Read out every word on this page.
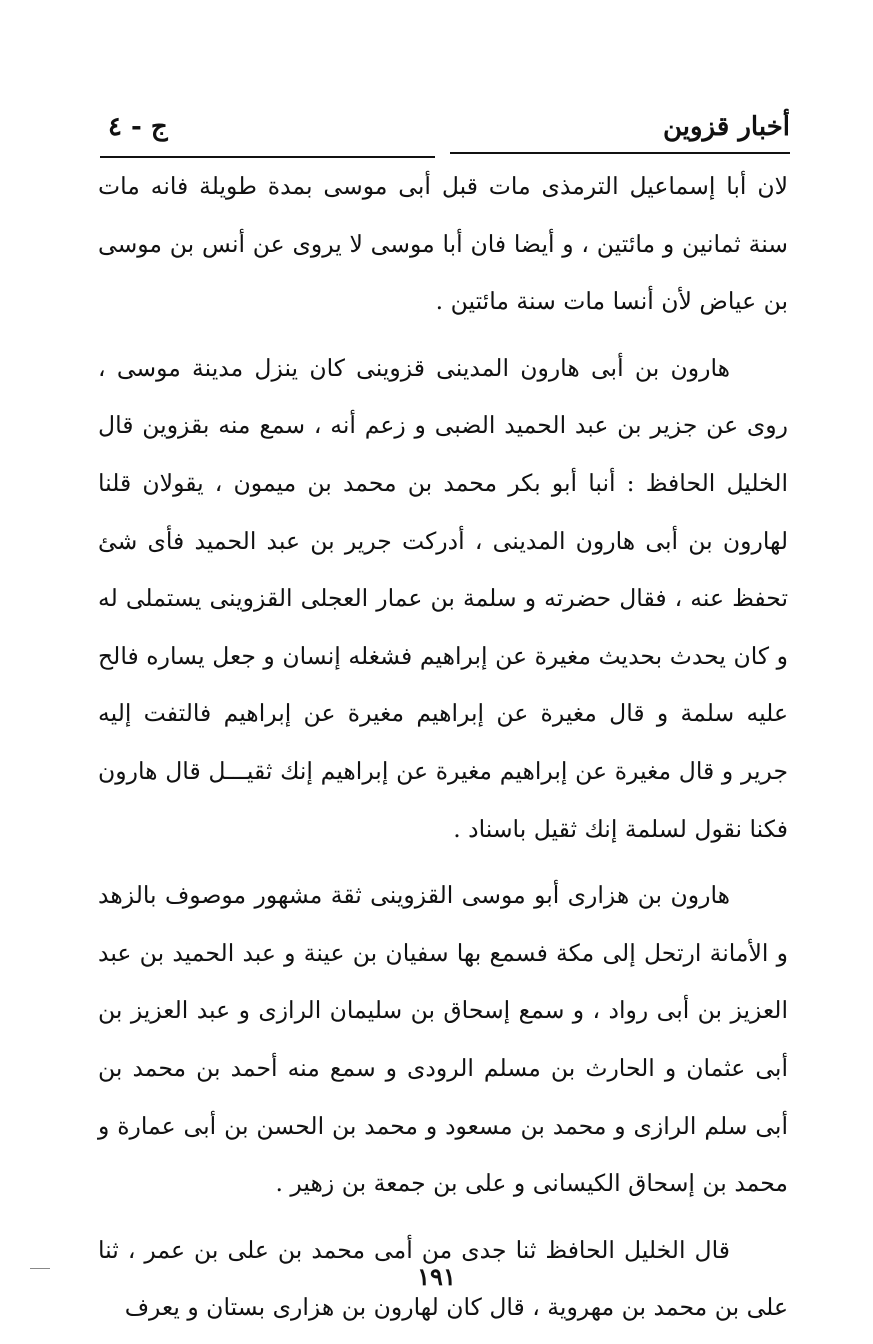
أخبار قزوين
ج - ٤

لان أبا إسماعيل الترمذى مات قبل أبى موسى بمدة طويلة فانه مات سنة ثمانين و مائتين ، و أيضا فان أبا موسى لا يروى عن أنس بن موسى بن عياض لأن أنسا مات سنة مائتين .

هارون بن أبى هارون المدينى قزوينى كان ينزل مدينة موسى ، روى عن جزير بن عبد الحميد الضبى و زعم أنه ، سمع منه بقزوين قال الخليل الحافظ : أنبا أبو بكر محمد بن محمد بن ميمون ، يقولان قلنا لهارون بن أبى هارون المدينى ، أدركت جرير بن عبد الحميد فأى شئ تحفظ عنه ، فقال حضرته و سلمة بن عمار العجلى القزوينى يستملى له و كان يحدث بحديث مغيرة عن إبراهيم فشغله إنسان و جعل يساره فالح عليه سلمة و قال مغيرة عن إبراهيم مغيرة عن إبراهيم فالتفت إليه جرير و قال مغيرة عن إبراهيم مغيرة عن إبراهيم إنك ثقيـــل قال هارون فكنا نقول لسلمة إنك ثقيل باسناد .

هارون بن هزارى أبو موسى القزوينى ثقة مشهور موصوف بالزهد و الأمانة ارتحل إلى مكة فسمع بها سفيان بن عينة و عبد الحميد بن عبد العزيز بن أبى رواد ، و سمع إسحاق بن سليمان الرازى و عبد العزيز بن أبى عثمان و الحارث بن مسلم الرودى و سمع منه أحمد بن محمد بن أبى سلم الرازى و محمد بن مسعود و محمد بن الحسن بن أبى عمارة و محمد بن إسحاق الكيسانى و على بن جمعة بن زهير .

قال الخليل الحافظ ثنا جدى من أمى محمد بن على بن عمر ، ثنا على بن محمد بن مهروية ، قال كان لهارون بن هزارى بستان و يعرف

١٩١
